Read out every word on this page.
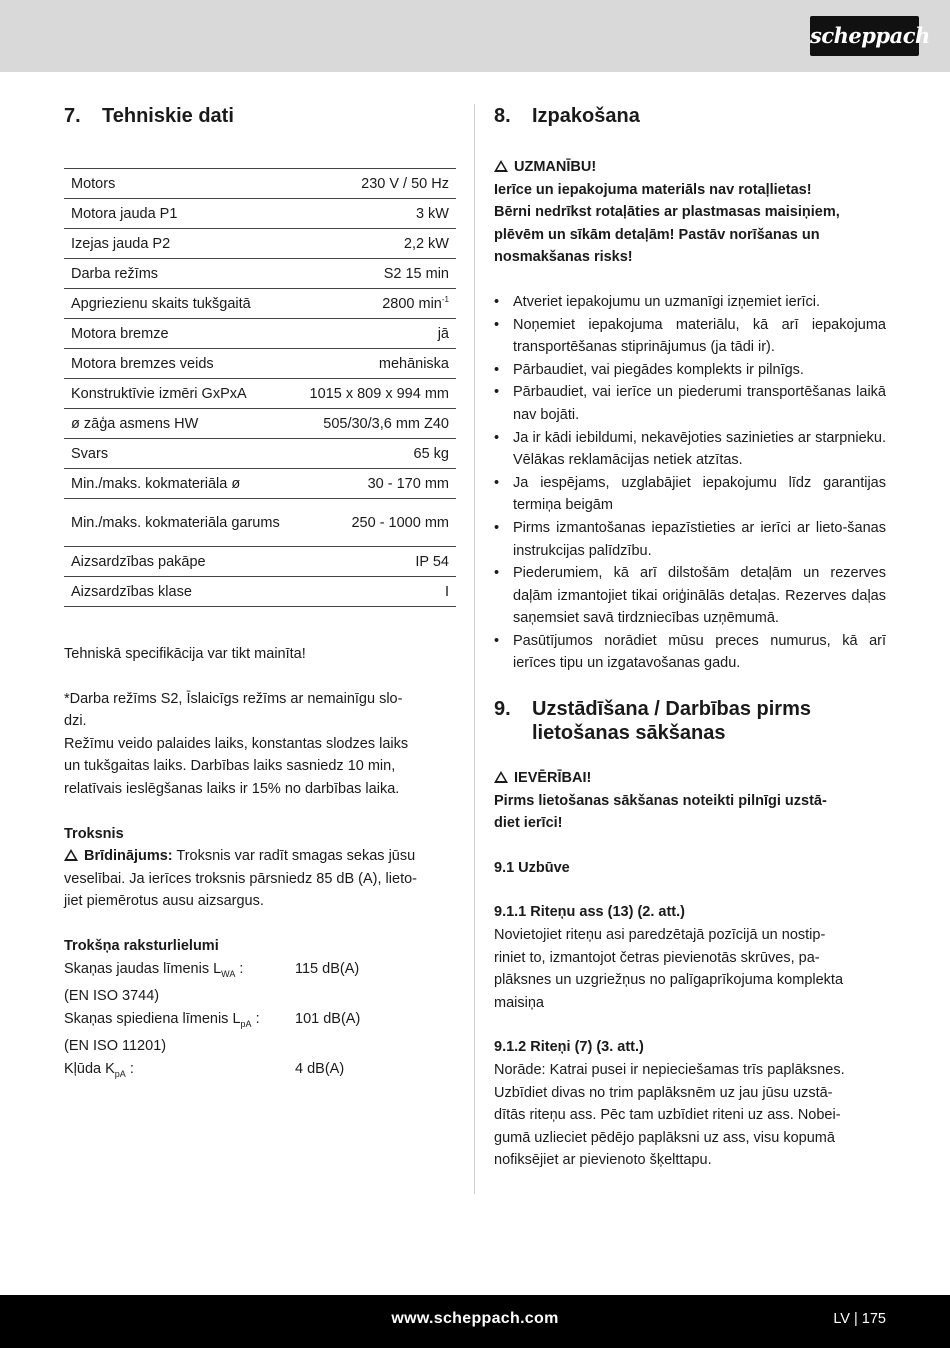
scheppach
7.	Tehniskie dati
Motors	230 V / 50 Hz
Motora jauda P1	3 kW
Izejas jauda P2	2,2 kW
Darba režīms	S2 15 min
Apgriezienu skaits tukšgaitā	2800 $\min^{-1}$
Motora bremze	jā
Motora bremzes veids	mehāniska
Konstruktīvie izmēri GxPxA	1015 x 809 x 994 mm
ø zāģa asmens HW	505/30/3,6 mm Z40
Svars	65 kg
Min./maks. kokmateriāla ø	30 - 170 mm
Min./maks. kokmateriāla garums	250 - 1000 mm
Aizsardzības pakāpe	IP 54
Aizsardzības klase	I

Tehniskā specifikācija var tikt mainīta!

*Darba režīms S2, Īslaicīgs režīms ar nemainīgu slo-
dzi.
Režīmu veido palaides laiks, konstantas slodzes laiks
un tukšgaitas laiks. Darbības laiks sasniedz 10 min,
relatīvais ieslēgšanas laiks ir 15% no darbības laika.
Troksnis
Brīdinājums: Troksnis var radīt smagas sekas jūsu
veselībai. Ja ierīces troksnis pārsniedz 85 dB (A), lieto-
jiet piemērotus ausu aizsargus.
Trokšņa raksturlielumi
Skaņas jaudas līmenis $L_{WA}$ :	115 dB(A)
(EN ISO 3744)
Skaņas spiediena līmenis $L_{pA}$ :	101 dB(A)
(EN ISO 11201)
Kļūda $K_{pA}$ :	4 dB(A)
8.	Izpakošana
UZMANĪBU!
Ierīce un iepakojuma materiāls nav rotaļlietas!
Bērni nedrīkst rotaļāties ar plastmasas maisiņiem,
plēvēm un sīkām detaļām! Pastāv norīšanas un
nosmakšanas risks!
• Atveriet iepakojumu un uzmanīgi izņemiet ierīci.
• Noņemiet iepakojuma materiālu, kā arī iepakojuma transportēšanas stiprinājumus (ja tādi ir).
• Pārbaudiet, vai piegādes komplekts ir pilnīgs.
• Pārbaudiet, vai ierīce un piederumi transportēšanas laikā nav bojāti.
• Ja ir kādi iebildumi, nekavējoties sazinieties ar starpnieku. Vēlākas reklamācijas netiek atzītas.
• Ja iespējams, uzglabājiet iepakojumu līdz garantijas termiņa beigām
• Pirms izmantošanas iepazīstieties ar ierīci ar lieto-šanas instrukcijas palīdzību.
• Piederumiem, kā arī dilstošām detaļām un rezerves daļām izmantojiet tikai oriģinālās detaļas. Rezerves daļas saņemsiet savā tirdzniecības uzņēmumā.
• Pasūtījumos norādiet mūsu preces numurus, kā arī ierīces tipu un izgatavošanas gadu.
9.	Uzstādīšana / Darbības pirms
lietošanas sākšanas
IEVĒRĪBAI!
Pirms lietošanas sākšanas noteikti pilnīgi uzstā-
diet ierīci!
9.1 Uzbūve
9.1.1 Riteņu ass (13) (2. att.)
Novietojiet riteņu asi paredzētajā pozīcijā un nostip-
riniet to, izmantojot četras pievienotās skrūves, pa-
plāksnes un uzgriežņus no palīgaprīkojuma komplekta
maisiņa
9.1.2 Riteņi (7) (3. att.)
Norāde: Katrai pusei ir nepieciešamas trīs paplāksnes.
Uzbīdiet divas no trim paplāksnēm uz jau jūsu uzstā-
dītās riteņu ass. Pēc tam uzbīdiet riteni uz ass. Nobei-
gumā uzlieciet pēdējo paplāksni uz ass, visu kopumā
nofiksējiet ar pievienoto šķelttapu.
www.scheppach.com	LV | 175
